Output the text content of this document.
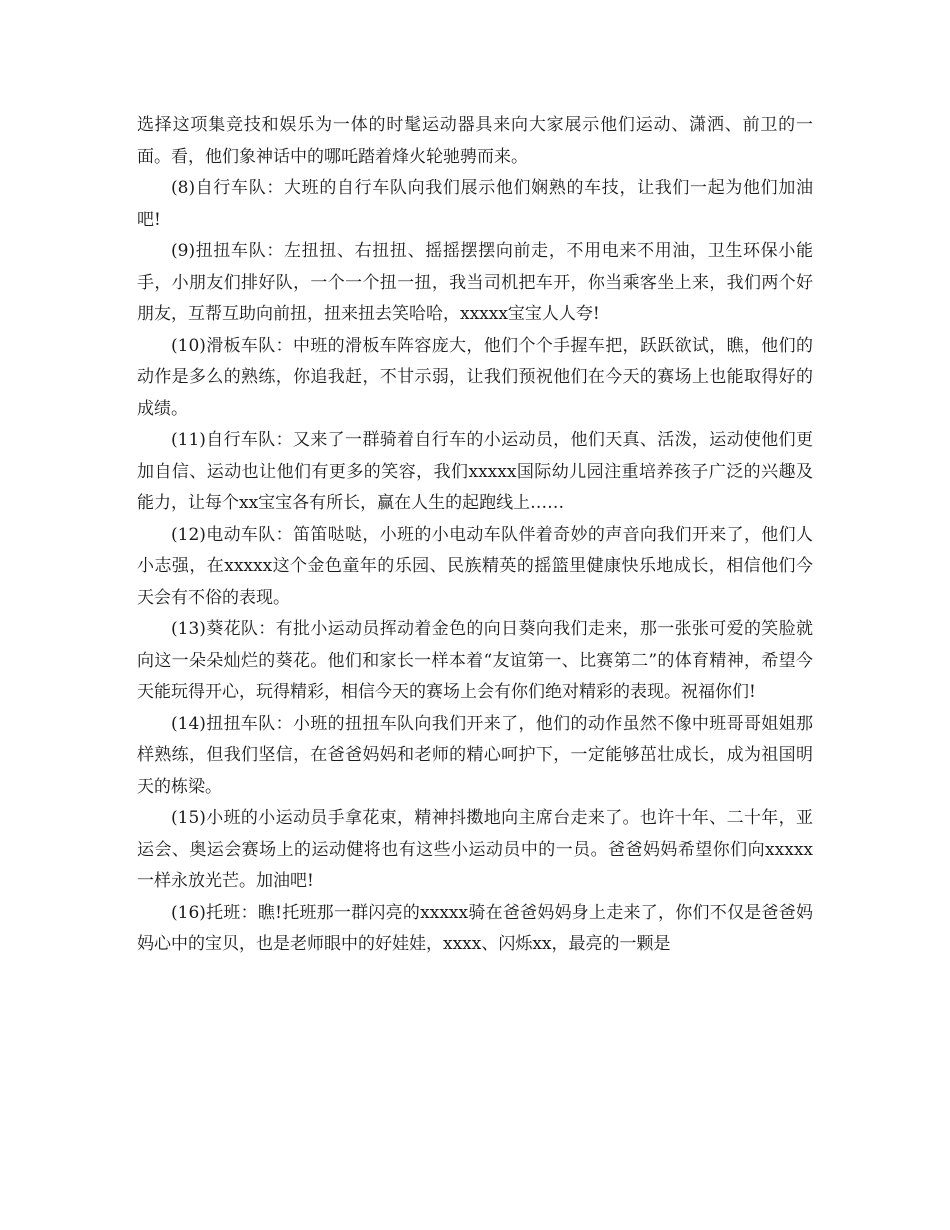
选择这项集竞技和娱乐为一体的时髦运动器具来向大家展示他们运动、潇洒、前卫的一面。看，他们象神话中的哪吒踏着烽火轮驰骋而来。

(8)自行车队：大班的自行车队向我们展示他们娴熟的车技，让我们一起为他们加油吧!

(9)扭扭车队：左扭扭、右扭扭、摇摇摆摆向前走，不用电来不用油，卫生环保小能手，小朋友们排好队，一个一个扭一扭，我当司机把车开，你当乘客坐上来，我们两个好朋友，互帮互助向前扭，扭来扭去笑哈哈，xxxxx宝宝人人夸!

(10)滑板车队：中班的滑板车阵容庞大，他们个个手握车把，跃跃欲试，瞧，他们的动作是多么的熟练，你追我赶，不甘示弱，让我们预祝他们在今天的赛场上也能取得好的成绩。

(11)自行车队：又来了一群骑着自行车的小运动员，他们天真、活泼，运动使他们更加自信、运动也让他们有更多的笑容，我们xxxxx国际幼儿园注重培养孩子广泛的兴趣及能力，让每个xx宝宝各有所长，赢在人生的起跑线上……

(12)电动车队：笛笛哒哒，小班的小电动车队伴着奇妙的声音向我们开来了，他们人小志强，在xxxxx这个金色童年的乐园、民族精英的摇篮里健康快乐地成长，相信他们今天会有不俗的表现。

(13)葵花队：有批小运动员挥动着金色的向日葵向我们走来，那一张张可爱的笑脸就向这一朵朵灿烂的葵花。他们和家长一样本着“友谊第一、比赛第二”的体育精神，希望今天能玩得开心，玩得精彩，相信今天的赛场上会有你们绝对精彩的表现。祝福你们!

(14)扭扭车队：小班的扭扭车队向我们开来了，他们的动作虽然不像中班哥哥姐姐那样熟练，但我们坚信，在爸爸妈妈和老师的精心呵护下，一定能够茁壮成长，成为祖国明天的栋梁。

(15)小班的小运动员手拿花束，精神抖擞地向主席台走来了。也许十年、二十年，亚运会、奥运会赛场上的运动健将也有这些小运动员中的一员。爸爸妈妈希望你们向xxxxx一样永放光芒。加油吧!

(16)托班：瞧!托班那一群闪亮的xxxxx骑在爸爸妈妈身上走来了，你们不仅是爸爸妈妈心中的宝贝，也是老师眼中的好娃娃，xxxx、闪烁xx，最亮的一颗是
